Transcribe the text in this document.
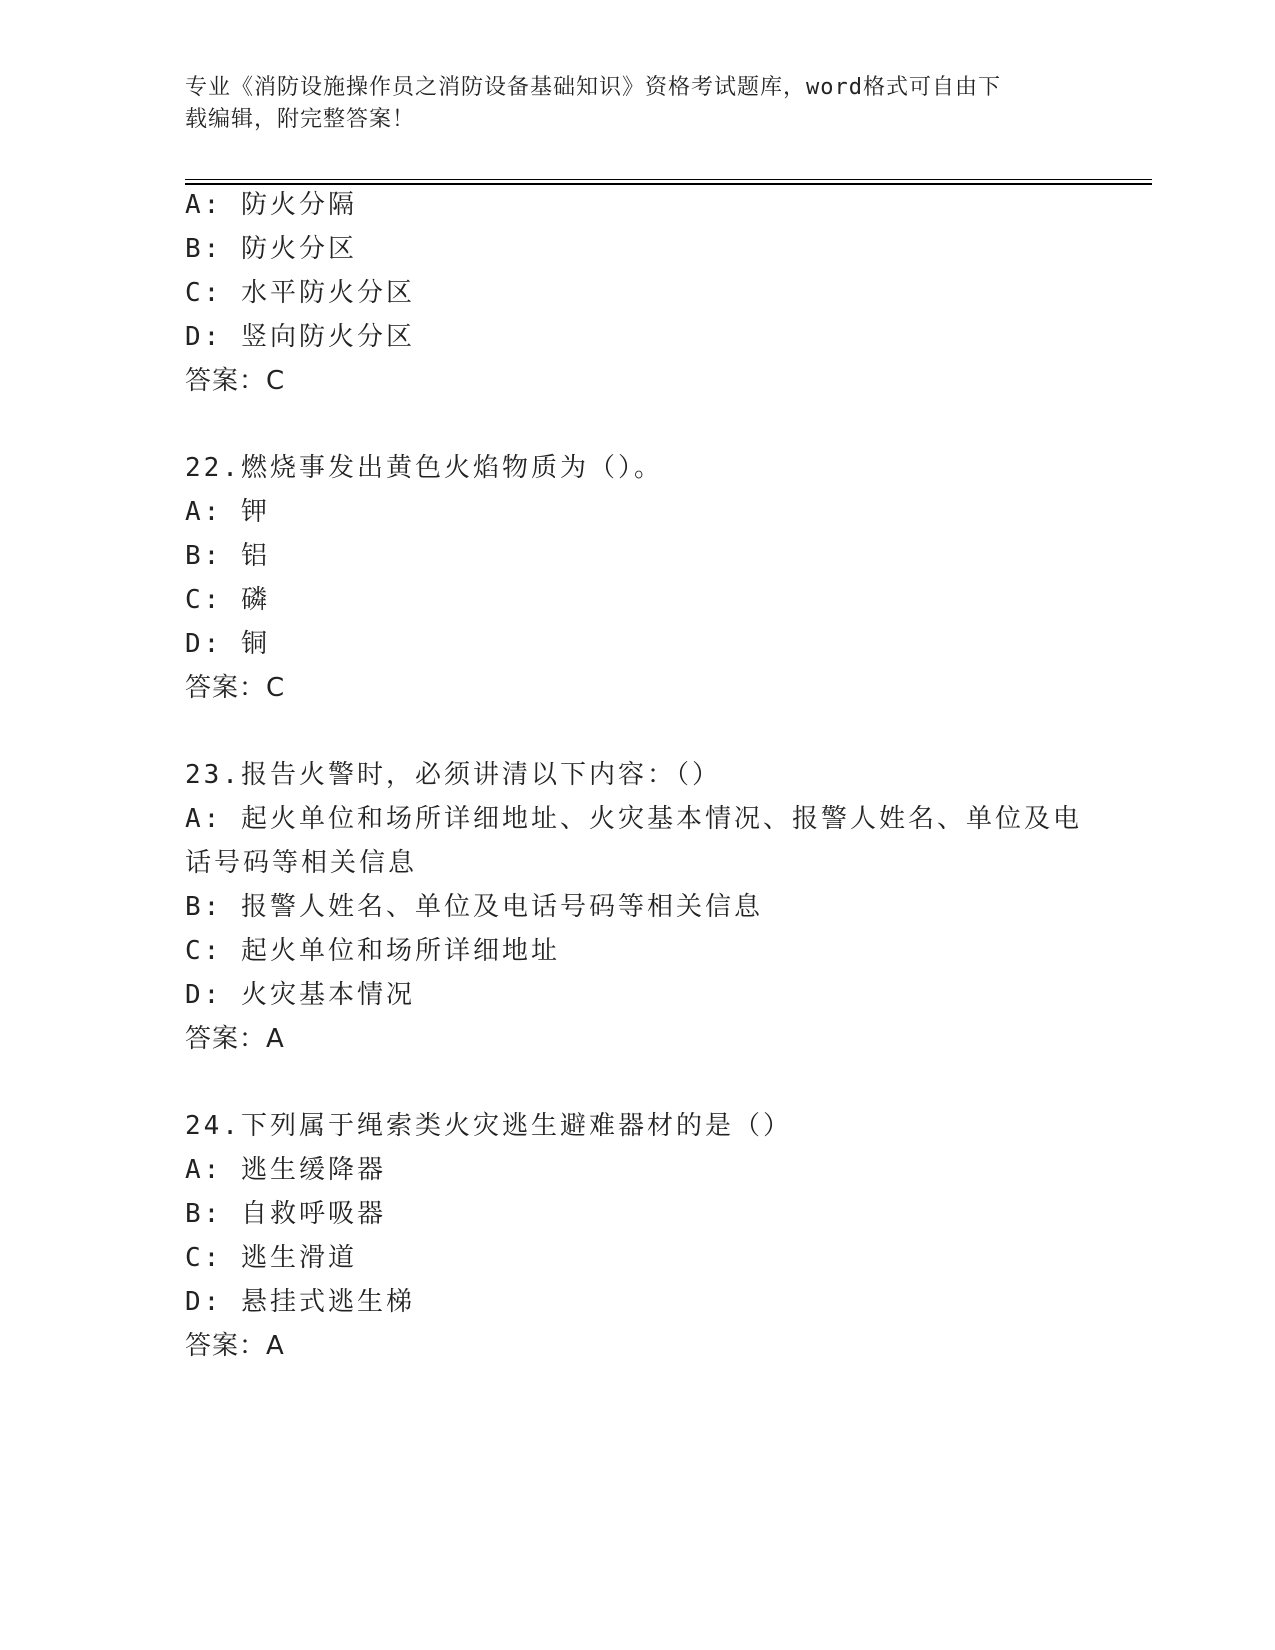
专业《消防设施操作员之消防设备基础知识》资格考试题库，word格式可自由下
载编辑，附完整答案！
A: 防火分隔
B: 防火分区
C: 水平防火分区
D: 竖向防火分区
答案：C
22.燃烧事发出黄色火焰物质为（）。
A: 钾
B: 铝
C: 磷
D: 铜
答案：C
23.报告火警时，必须讲清以下内容：（）
A: 起火单位和场所详细地址、火灾基本情况、报警人姓名、单位及电
话号码等相关信息
B: 报警人姓名、单位及电话号码等相关信息
C: 起火单位和场所详细地址
D: 火灾基本情况
答案：A
24.下列属于绳索类火灾逃生避难器材的是（）
A: 逃生缓降器
B: 自救呼吸器
C: 逃生滑道
D: 悬挂式逃生梯
答案：A
